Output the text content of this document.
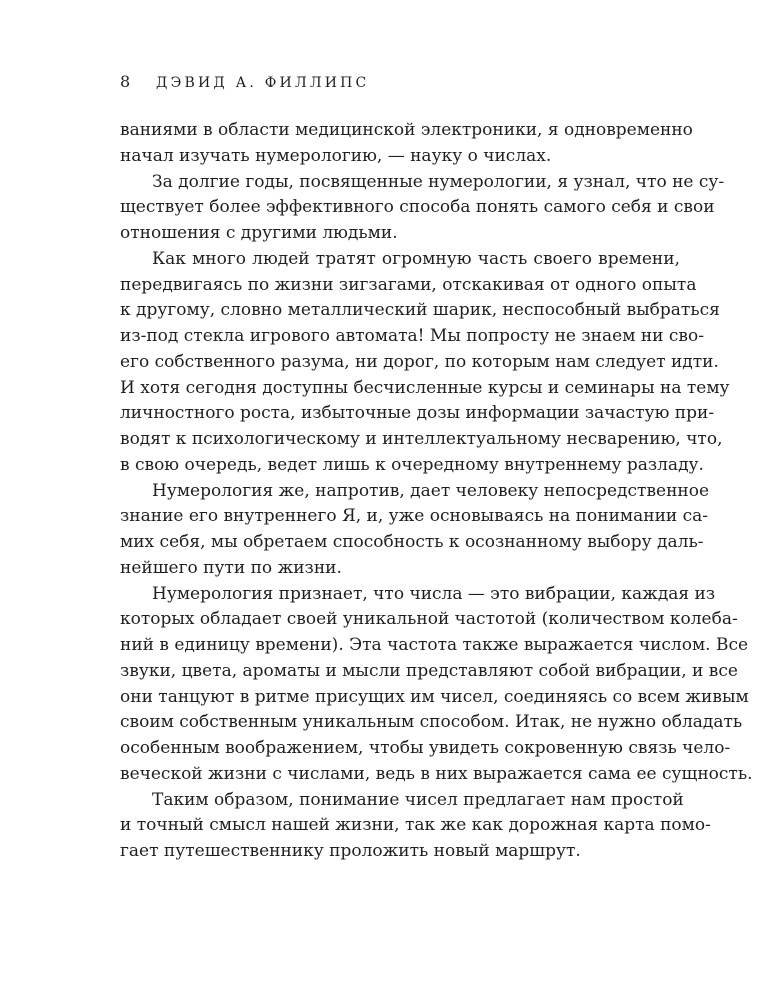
8	ДЭВИД А. ФИЛЛИПС
ваниями в области медицинской электроники, я одновременно
начал изучать нумерологию, — науку о числах.
За долгие годы, посвященные нумерологии, я узнал, что не су-
ществует более эффективного способа понять самого себя и свои
отношения с другими людьми.
Как много людей тратят огромную часть своего времени,
передвигаясь по жизни зигзагами, отскакивая от одного опыта
к другому, словно металлический шарик, неспособный выбраться
из-под стекла игрового автомата! Мы попросту не знаем ни сво-
его собственного разума, ни дорог, по которым нам следует идти.
И хотя сегодня доступны бесчисленные курсы и семинары на тему
личностного роста, избыточные дозы информации зачастую при-
водят к психологическому и интеллектуальному несварению, что,
в свою очередь, ведет лишь к очередному внутреннему разладу.
Нумерология же, напротив, дает человеку непосредственное
знание его внутреннего Я, и, уже основываясь на понимании са-
мих себя, мы обретаем способность к осознанному выбору даль-
нейшего пути по жизни.
Нумерология признает, что числа — это вибрации, каждая из
которых обладает своей уникальной частотой (количеством колеба-
ний в единицу времени). Эта частота также выражается числом. Все
звуки, цвета, ароматы и мысли представляют собой вибрации, и все
они танцуют в ритме присущих им чисел, соединяясь со всем живым
своим собственным уникальным способом. Итак, не нужно обладать
особенным воображением, чтобы увидеть сокровенную связь чело-
веческой жизни с числами, ведь в них выражается сама ее сущность.
Таким образом, понимание чисел предлагает нам простой
и точный смысл нашей жизни, так же как дорожная карта помо-
гает путешественнику проложить новый маршрут.
